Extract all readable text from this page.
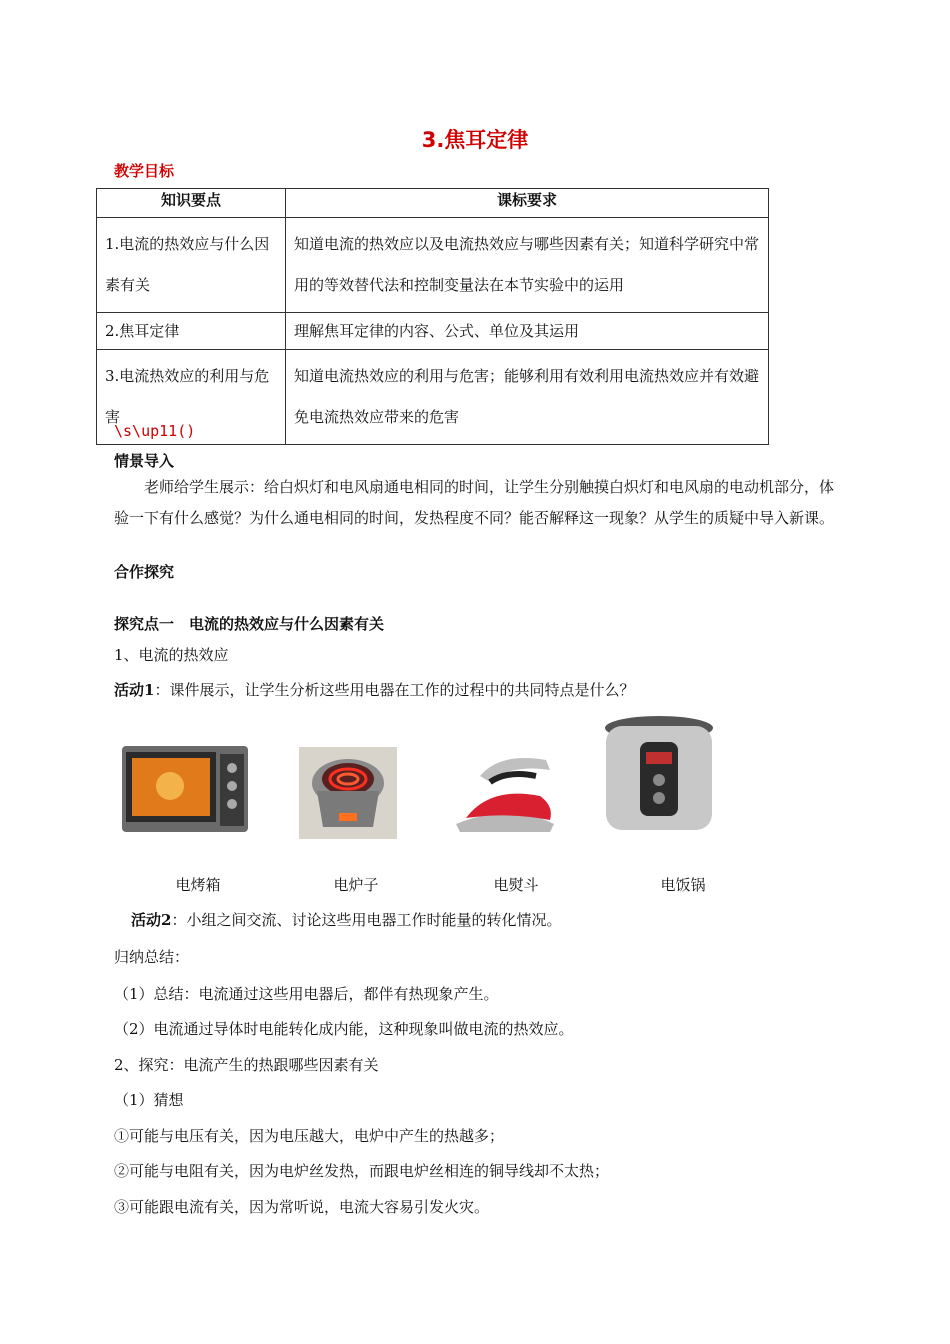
3.焦耳定律
教学目标
知识要点	课标要求
1.电流的热效应与什么因素有关	知道电流的热效应以及电流热效应与哪些因素有关；知道科学研究中常用的等效替代法和控制变量法在本节实验中的运用
2.焦耳定律	理解焦耳定律的内容、公式、单位及其运用
3.电流热效应的利用与危害	知道电流热效应的利用与危害；能够利用有效利用电流热效应并有效避免电流热效应带来的危害
\s\up11()
情景导入
老师给学生展示：给白炽灯和电风扇通电相同的时间，让学生分别触摸白炽灯和电风扇的电动机部分，体验一下有什么感觉？为什么通电相同的时间，发热程度不同？能否解释这一现象？从学生的质疑中导入新课。
合作探究
探究点一　电流的热效应与什么因素有关
1、电流的热效应
活动1：课件展示，让学生分析这些用电器在工作的过程中的共同特点是什么？
电烤箱	电炉子	电熨斗	电饭锅
活动2：小组之间交流、讨论这些用电器工作时能量的转化情况。
归纳总结：
（1）总结：电流通过这些用电器后，都伴有热现象产生。
（2）电流通过导体时电能转化成内能，这种现象叫做电流的热效应。
2、探究：电流产生的热跟哪些因素有关
（1）猜想
①可能与电压有关，因为电压越大，电炉中产生的热越多；
②可能与电阻有关，因为电炉丝发热，而跟电炉丝相连的铜导线却不太热；
③可能跟电流有关，因为常听说，电流大容易引发火灾。
